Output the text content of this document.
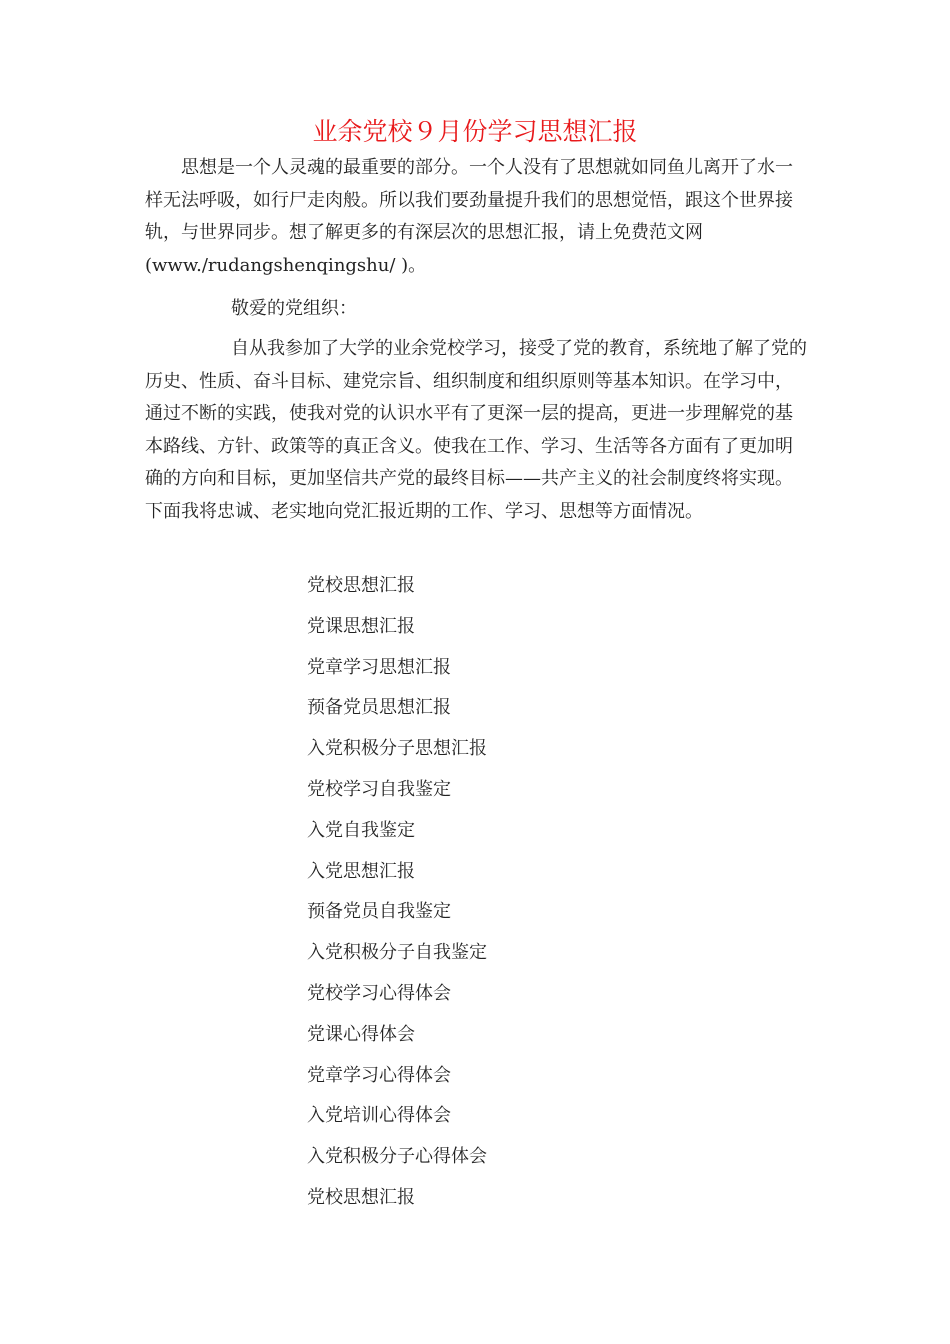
业余党校９月份学习思想汇报

思想是一个人灵魂的最重要的部分。一个人没有了思想就如同鱼儿离开了水一样无法呼吸，如行尸走肉般。所以我们要劲量提升我们的思想觉悟，跟这个世界接轨，与世界同步。想了解更多的有深层次的思想汇报，请上免费范文网(www./rudangshenqingshu/ )。

敬爱的党组织：

自从我参加了大学的业余党校学习，接受了党的教育，系统地了解了党的历史、性质、奋斗目标、建党宗旨、组织制度和组织原则等基本知识。在学习中，通过不断的实践，使我对党的认识水平有了更深一层的提高，更进一步理解党的基本路线、方针、政策等的真正含义。使我在工作、学习、生活等各方面有了更加明确的方向和目标，更加坚信共产党的最终目标——共产主义的社会制度终将实现。下面我将忠诚、老实地向党汇报近期的工作、学习、思想等方面情况。

党校思想汇报
党课思想汇报
党章学习思想汇报
预备党员思想汇报
入党积极分子思想汇报
党校学习自我鉴定
入党自我鉴定
入党思想汇报
预备党员自我鉴定
入党积极分子自我鉴定
党校学习心得体会
党课心得体会
党章学习心得体会
入党培训心得体会
入党积极分子心得体会
党校思想汇报
